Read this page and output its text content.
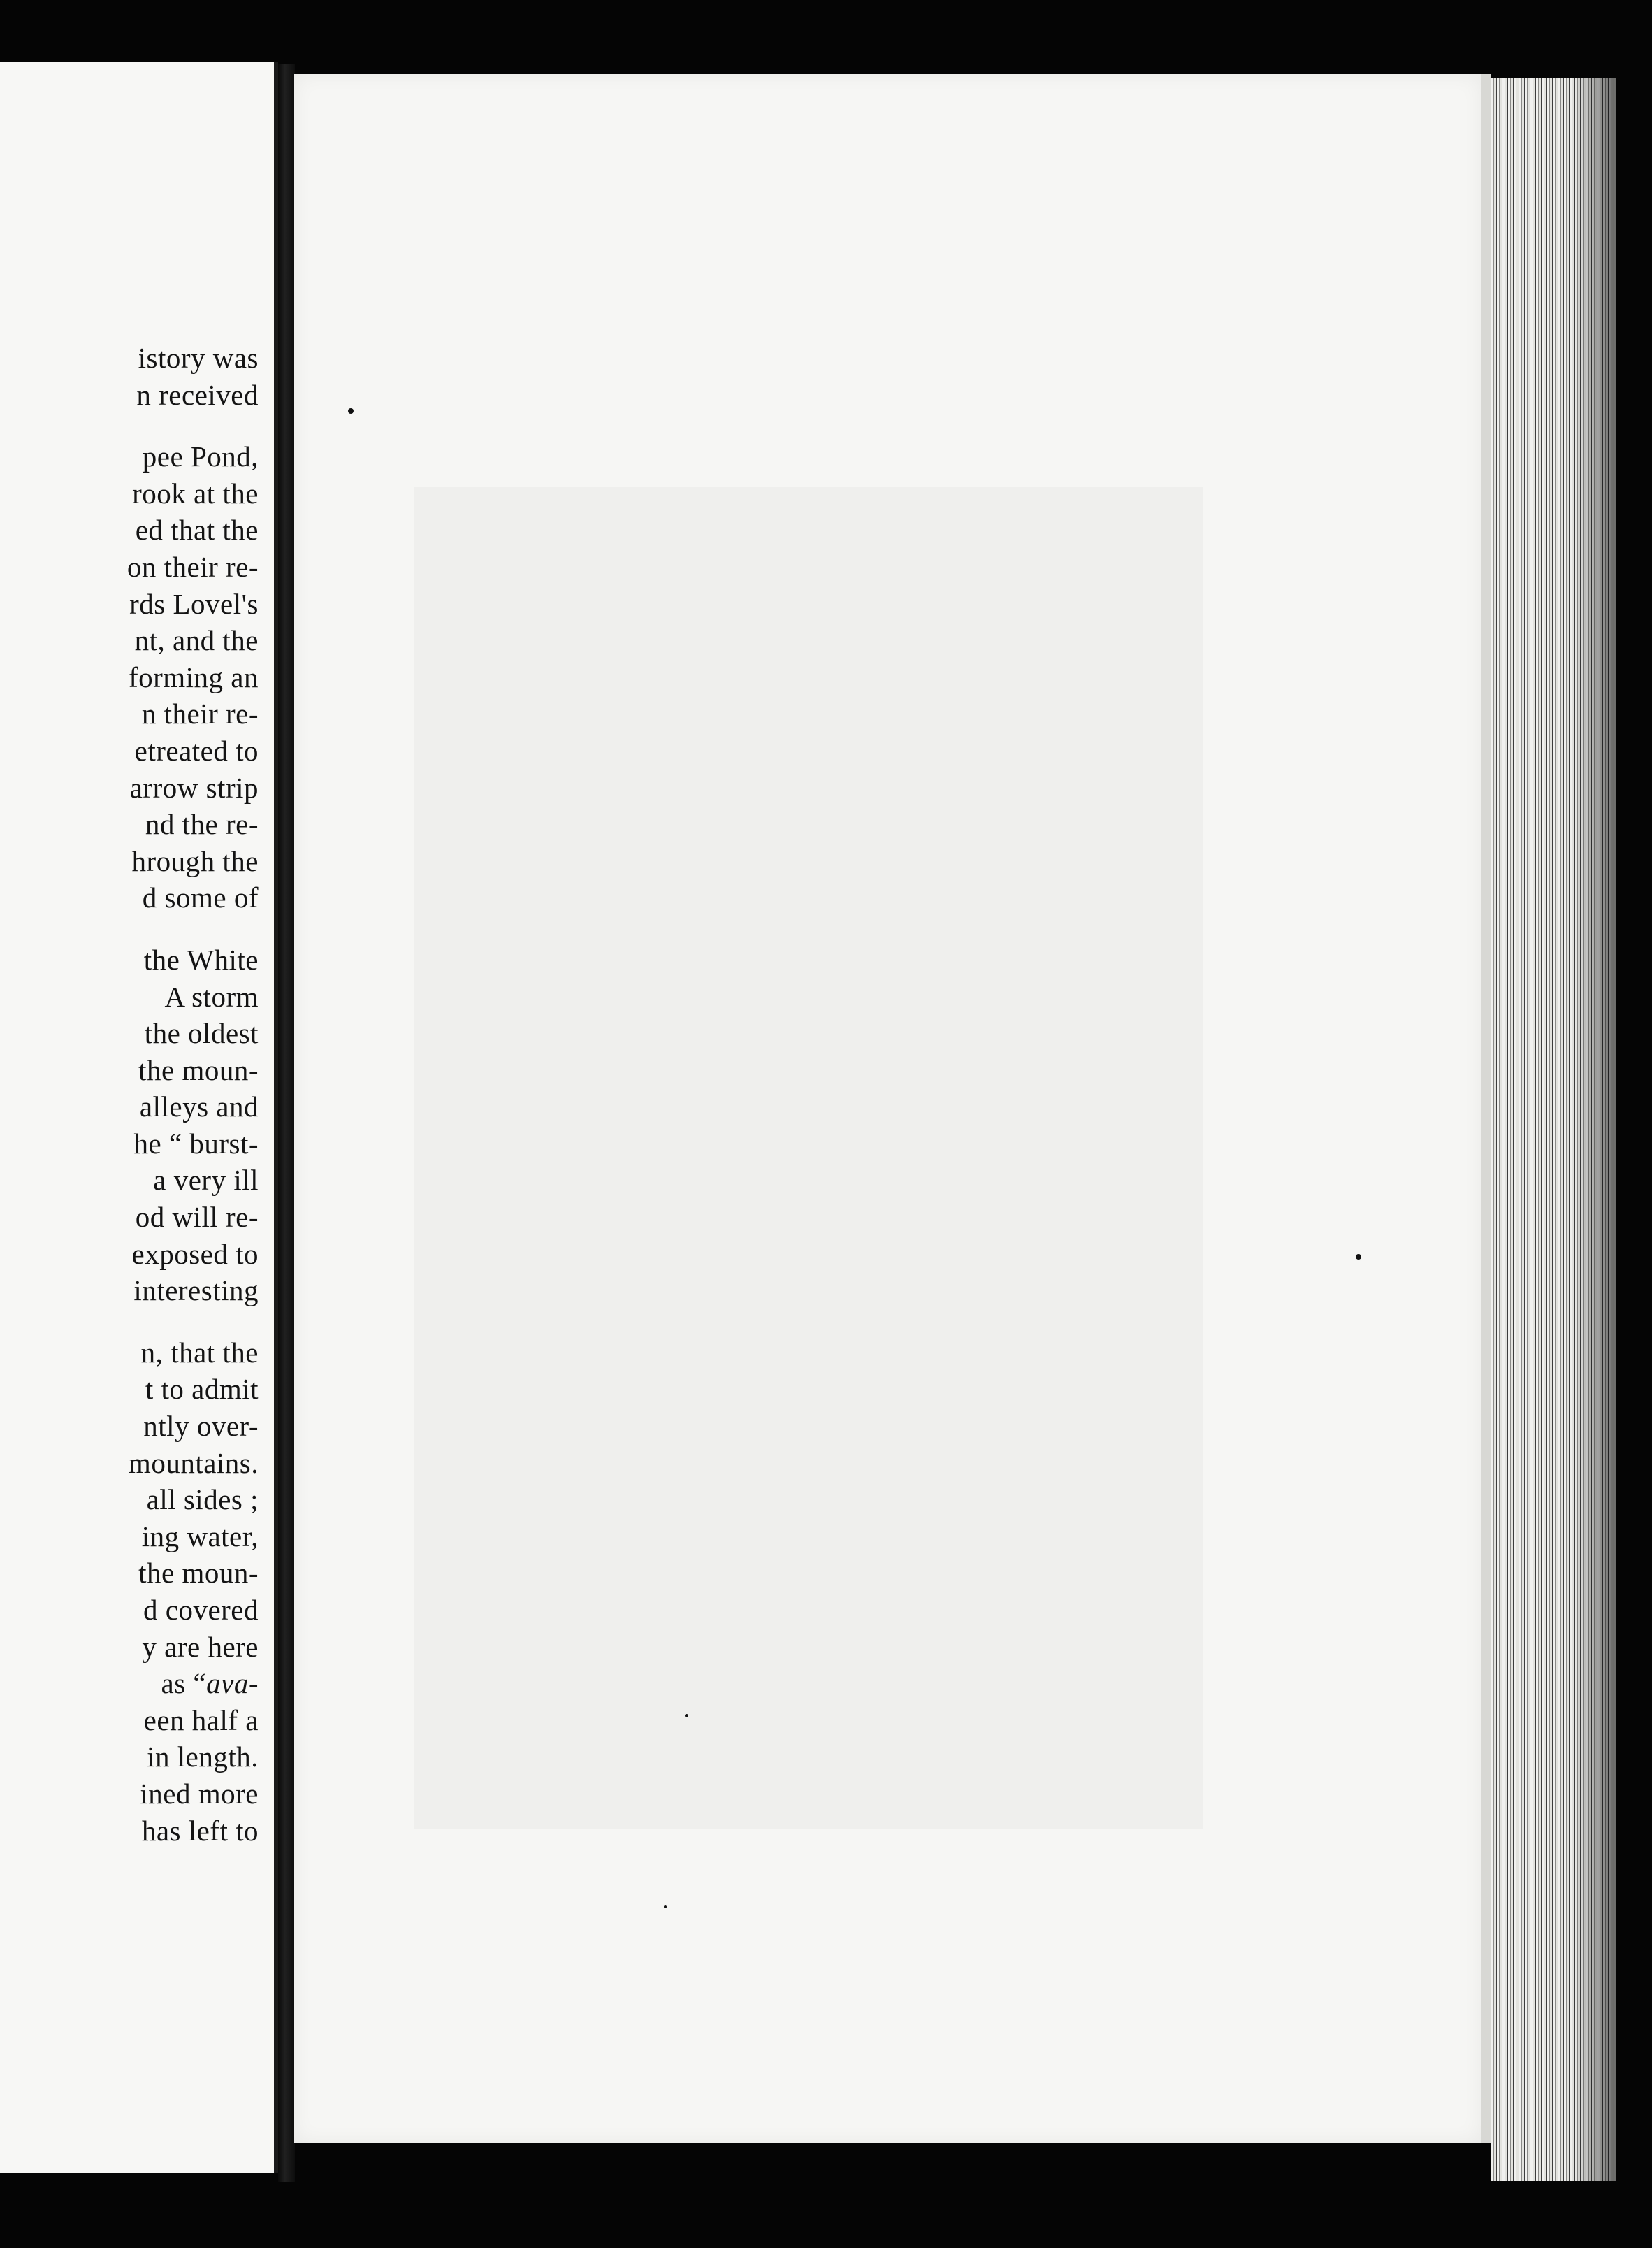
istory was
n received
pee Pond,
rook at the
ed that the
on their re-
rds Lovel's
nt, and the
forming an
n their re-
etreated to
arrow strip
nd the re-
hrough the
d some of
the White
A storm
the oldest
the moun-
alleys and
he “ burst-
a very ill
od will re-
exposed to
interesting
n, that the
t to admit
ntly over-
mountains.
all sides ;
ing water,
the moun-
d covered
y are here
as “ava-
een half a
in length.
ined more
has left to
